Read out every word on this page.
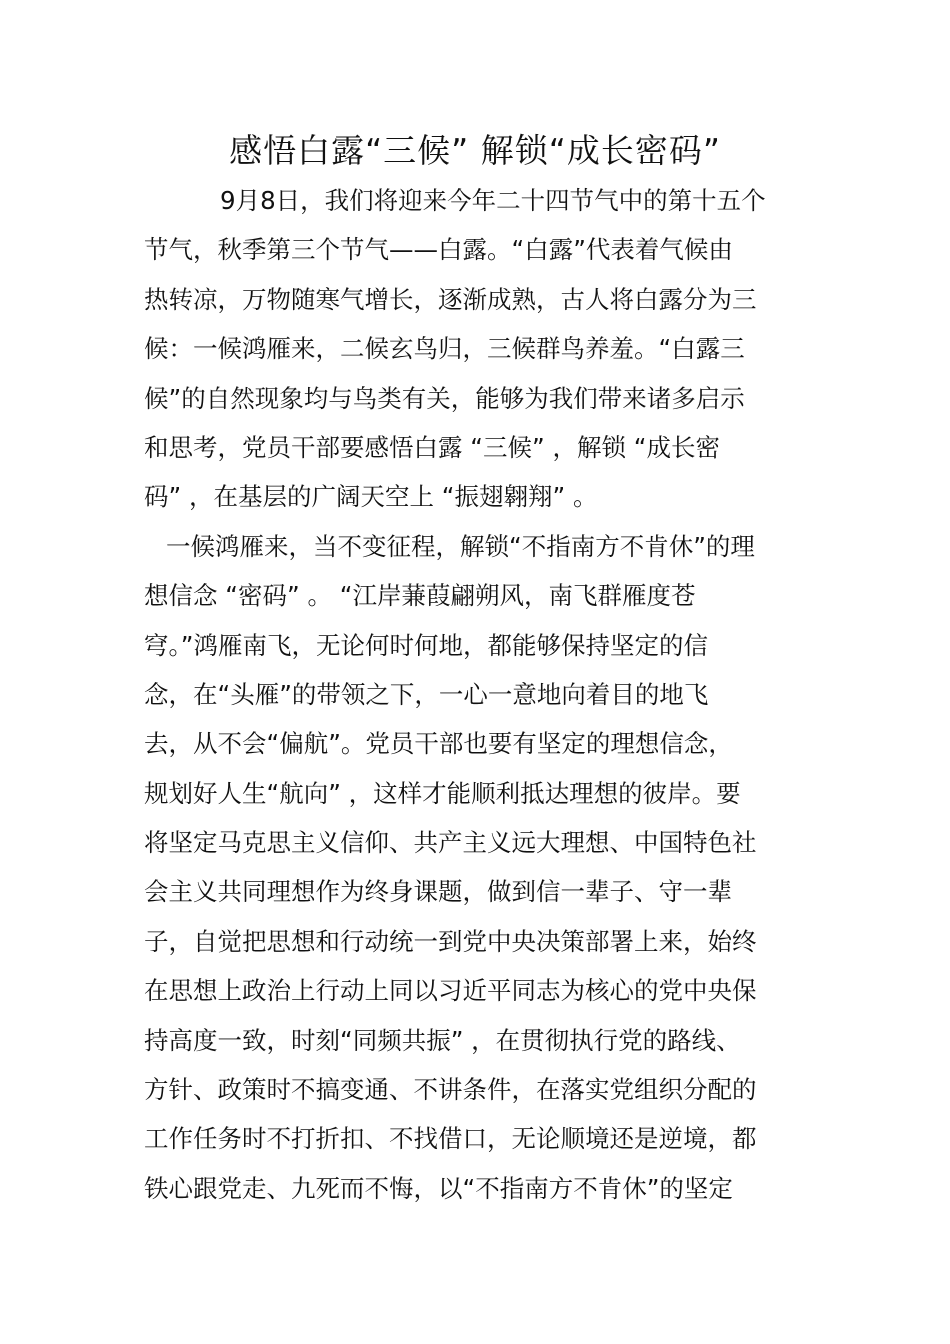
感悟白露“三候” 解锁“成长密码”
9月8日，我们将迎来今年二十四节气中的第十五个
节气，秋季第三个节气——白露。“白露”代表着气候由
热转凉，万物随寒气增长，逐渐成熟，古人将白露分为三
候：一候鸿雁来，二候玄鸟归，三候群鸟养羞。“白露三
候”的自然现象均与鸟类有关，能够为我们带来诸多启示
和思考，党员干部要感悟白露 “三候” ，解锁 “成长密
码” ，在基层的广阔天空上 “振翅翱翔” 。
一候鸿雁来，当不变征程，解锁“不指南方不肯休”的理
想信念 “密码” 。 “江岸蒹葭翩朔风，南飞群雁度苍
穹。”鸿雁南飞，无论何时何地，都能够保持坚定的信
念，在“头雁”的带领之下，一心一意地向着目的地飞
去，从不会“偏航”。党员干部也要有坚定的理想信念，
规划好人生“航向” ，这样才能顺利抵达理想的彼岸。要
将坚定马克思主义信仰、共产主义远大理想、中国特色社
会主义共同理想作为终身课题，做到信一辈子、守一辈
子，自觉把思想和行动统一到党中央决策部署上来，始终
在思想上政治上行动上同以习近平同志为核心的党中央保
持高度一致，时刻“同频共振” ，在贯彻执行党的路线、
方针、政策时不搞变通、不讲条件，在落实党组织分配的
工作任务时不打折扣、不找借口，无论顺境还是逆境，都
铁心跟党走、九死而不悔，以“不指南方不肯休”的坚定
